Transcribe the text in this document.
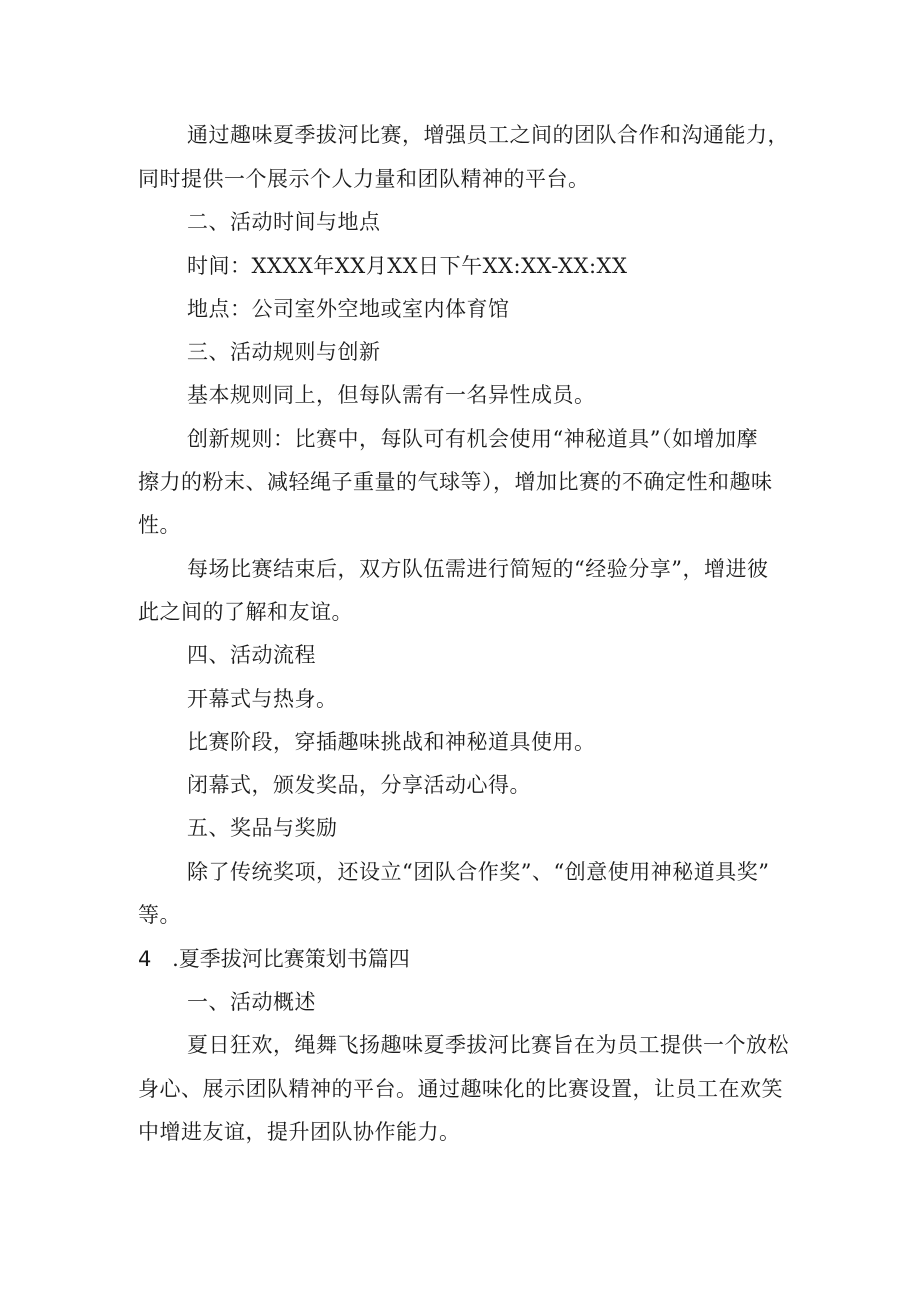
通过趣味夏季拔河比赛，增强员工之间的团队合作和沟通能力，
同时提供一个展示个人力量和团队精神的平台。
二、活动时间与地点
时间：XXXX年XX月XX日下午XX:XX-XX:XX
地点：公司室外空地或室内体育馆
三、活动规则与创新
基本规则同上，但每队需有一名异性成员。
创新规则：比赛中，每队可有机会使用“神秘道具”（如增加摩
擦力的粉末、减轻绳子重量的气球等），增加比赛的不确定性和趣味
性。
每场比赛结束后，双方队伍需进行简短的“经验分享”，增进彼
此之间的了解和友谊。
四、活动流程
开幕式与热身。
比赛阶段，穿插趣味挑战和神秘道具使用。
闭幕式，颁发奖品，分享活动心得。
五、奖品与奖励
除了传统奖项，还设立“团队合作奖”、“创意使用神秘道具奖”
等。
4 .夏季拔河比赛策划书篇四
一、活动概述
夏日狂欢，绳舞飞扬趣味夏季拔河比赛旨在为员工提供一个放松
身心、展示团队精神的平台。通过趣味化的比赛设置，让员工在欢笑
中增进友谊，提升团队协作能力。
